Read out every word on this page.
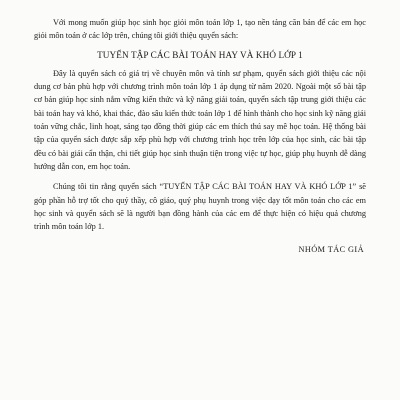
Với mong muốn giúp học sinh học giỏi môn toán lớp 1, tạo nền tảng căn bản để các em học giỏi môn toán ở các lớp trên, chúng tôi giới thiệu quyển sách:

TUYỂN TẬP CÁC BÀI TOÁN HAY VÀ KHÓ LỚP 1

Đây là quyển sách có giá trị về chuyên môn và tính sư phạm, quyển sách giới thiệu các nội dung cơ bản phù hợp với chương trình môn toán lớp 1 áp dụng từ năm 2020. Ngoài một số bài tập cơ bản giúp học sinh nắm vững kiến thức và kỹ năng giải toán, quyển sách tập trung giới thiệu các bài toán hay và khó, khai thác, đào sâu kiến thức toán lớp 1 để hình thành cho học sinh kỹ năng giải toán vững chắc, linh hoạt, sáng tạo đồng thời giúp các em thích thú say mê học toán. Hệ thống bài tập của quyển sách được sắp xếp phù hợp với chương trình học trên lớp của học sinh, các bài tập đều có bài giải cẩn thận, chi tiết giúp học sinh thuận tiện trong việc tự học, giúp phụ huynh dễ dàng hướng dẫn con, em học toán.

Chúng tôi tin rằng quyển sách “TUYỂN TẬP CÁC BÀI TOÁN HAY VÀ KHÓ LỚP 1” sẽ góp phần hỗ trợ tốt cho quý thầy, cô giáo, quý phụ huynh trong việc dạy tốt môn toán cho các em học sinh và quyển sách sẽ là người bạn đồng hành của các em để thực hiện có hiệu quả chương trình môn toán lớp 1.

NHÓM TÁC GIẢ
